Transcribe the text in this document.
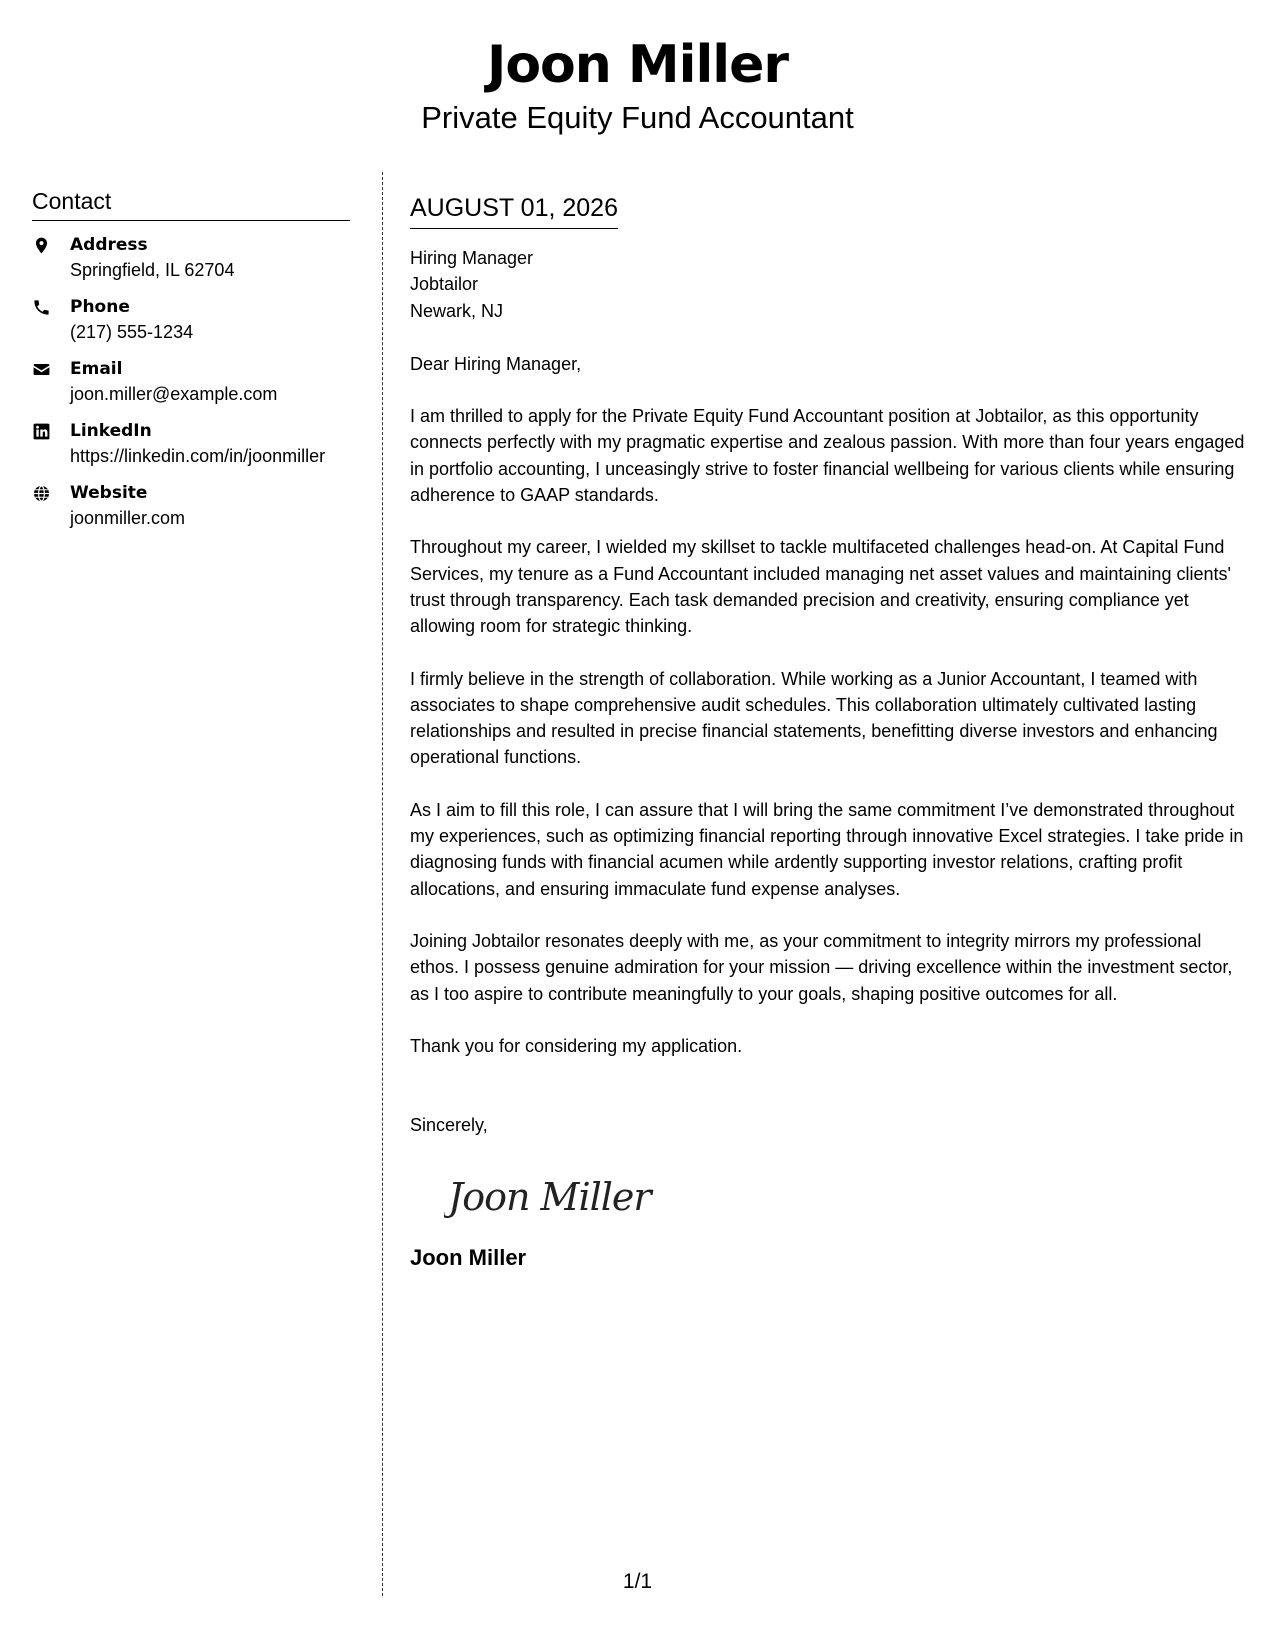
Joon Miller
Private Equity Fund Accountant
Contact
Address
Springfield, IL 62704
Phone
(217) 555-1234
Email
joon.miller@example.com
LinkedIn
https://linkedin.com/in/joonmiller
Website
joonmiller.com
AUGUST 01, 2026
Hiring Manager
Jobtailor
Newark, NJ
Dear Hiring Manager,
I am thrilled to apply for the Private Equity Fund Accountant position at Jobtailor, as this opportunity connects perfectly with my pragmatic expertise and zealous passion. With more than four years engaged in portfolio accounting, I unceasingly strive to foster financial wellbeing for various clients while ensuring adherence to GAAP standards.
Throughout my career, I wielded my skillset to tackle multifaceted challenges head-on. At Capital Fund Services, my tenure as a Fund Accountant included managing net asset values and maintaining clients' trust through transparency. Each task demanded precision and creativity, ensuring compliance yet allowing room for strategic thinking.
I firmly believe in the strength of collaboration. While working as a Junior Accountant, I teamed with associates to shape comprehensive audit schedules. This collaboration ultimately cultivated lasting relationships and resulted in precise financial statements, benefitting diverse investors and enhancing operational functions.
As I aim to fill this role, I can assure that I will bring the same commitment I’ve demonstrated throughout my experiences, such as optimizing financial reporting through innovative Excel strategies. I take pride in diagnosing funds with financial acumen while ardently supporting investor relations, crafting profit allocations, and ensuring immaculate fund expense analyses.
Joining Jobtailor resonates deeply with me, as your commitment to integrity mirrors my professional ethos. I possess genuine admiration for your mission — driving excellence within the investment sector, as I too aspire to contribute meaningfully to your goals, shaping positive outcomes for all.
Thank you for considering my application.
Sincerely,
Joon Miller
Joon Miller
1/1
